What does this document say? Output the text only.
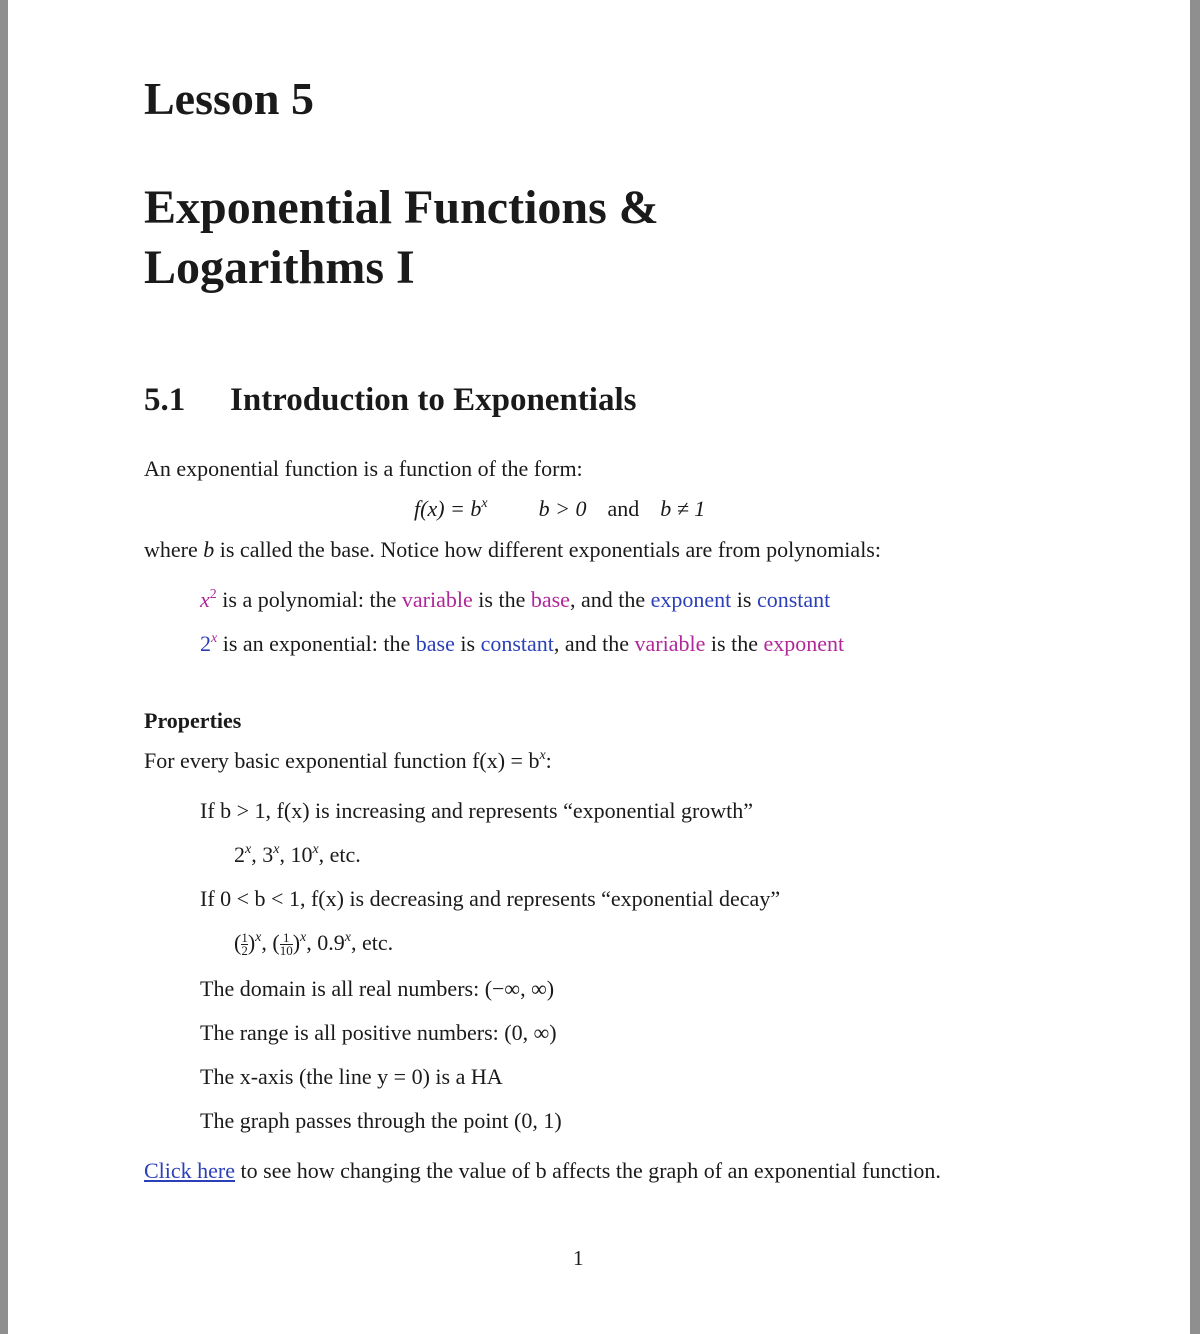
Lesson 5
Exponential Functions &
Logarithms I
5.1 Introduction to Exponentials
An exponential function is a function of the form:
$f(x) = b^x$ b > 0 and b ≠ 1
where b is called the base. Notice how different exponentials are from polynomials:
$x^2$ is a polynomial: the variable is the base, and the exponent is constant
2$^x$ is an exponential: the base is constant, and the variable is the exponent
Properties
For every basic exponential function $f(x) = b^x$:
If b > 1, f(x) is increasing and represents “exponential growth”
2$^x$, 3$^x$, 10$^x$, etc.
If 0 < b < 1, f(x) is decreasing and represents “exponential decay”
( $\frac{1}{2} )^x$, ( $\frac{1}{10} )^x$, 0.9$^x$, etc.
The domain is all real numbers: (−∞, ∞)
The range is all positive numbers: (0, ∞)
The x-axis (the line y = 0) is a HA
The graph passes through the point (0, 1)
Click here to see how changing the value of b affects the graph of an exponential function.
1
